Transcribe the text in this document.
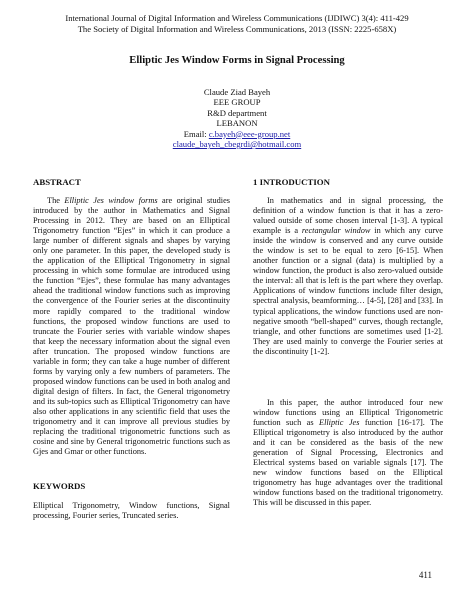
International Journal of Digital Information and Wireless Communications (IJDIWC) 3(4): 411-429
The Society of Digital Information and Wireless Communications, 2013 (ISSN: 2225-658X)
Elliptic Jes Window Forms in Signal Processing
Claude Ziad Bayeh
EEE GROUP
R&D department
LEBANON
Email: c.bayeh@eee-group.net
claude_bayeh_cbegrdi@hotmail.com
ABSTRACT

The Elliptic Jes window forms are original studies introduced by the author in Mathematics and Signal Processing in 2012. They are based on an Elliptical Trigonometry function “Ejes” in which it can produce a large number of different signals and shapes by varying only one parameter. In this paper, the developed study is the application of the Elliptical Trigonometry in signal processing in which some formulae are introduced using the function “Ejes”, these formulae has many advantages ahead the traditional window functions such as improving the convergence of the Fourier series at the discontinuity more rapidly compared to the traditional window functions, the proposed window functions are used to truncate the Fourier series with variable window shapes that keep the necessary information about the signal even after truncation. The proposed window functions are variable in form; they can take a huge number of different forms by varying only a few numbers of parameters. The proposed window functions can be used in both analog and digital design of filters. In fact, the General trigonometry and its sub-topics such as Elliptical Trigonometry can have also other applications in any scientific field that uses the trigonometry and it can improve all previous studies by replacing the traditional trigonometric functions such as cosine and sine by General trigonometric functions such as Gjes and Gmar or other functions.

KEYWORDS

Elliptical Trigonometry, Window functions, Signal processing, Fourier series, Truncated series.

1 INTRODUCTION

In mathematics and in signal processing, the definition of a window function is that it has a zero-valued outside of some chosen interval [1-3]. A typical example is a rectangular window in which any curve inside the window is conserved and any curve outside the window is set to be equal to zero [6-15]. When another function or a signal (data) is multiplied by a window function, the product is also zero-valued outside the interval: all that is left is the part where they overlap. Applications of window functions include filter design, spectral analysis, beamforming… [4-5], [28] and [33]. In typical applications, the window functions used are non-negative smooth “bell-shaped” curves, though rectangle, triangle, and other functions are sometimes used [1-2]. They are used mainly to converge the Fourier series at the discontinuity [1-2].

In this paper, the author introduced four new window functions using an Elliptical Trigonometric function such as Elliptic Jes function [16-17]. The Elliptical trigonometry is also introduced by the author and it can be considered as the basis of the new generation of Signal Processing, Electronics and Electrical systems based on variable signals [17]. The new window functions based on the Elliptical trigonometry has huge advantages over the traditional window functions based on the traditional trigonometry. This will be discussed in this paper.

411
